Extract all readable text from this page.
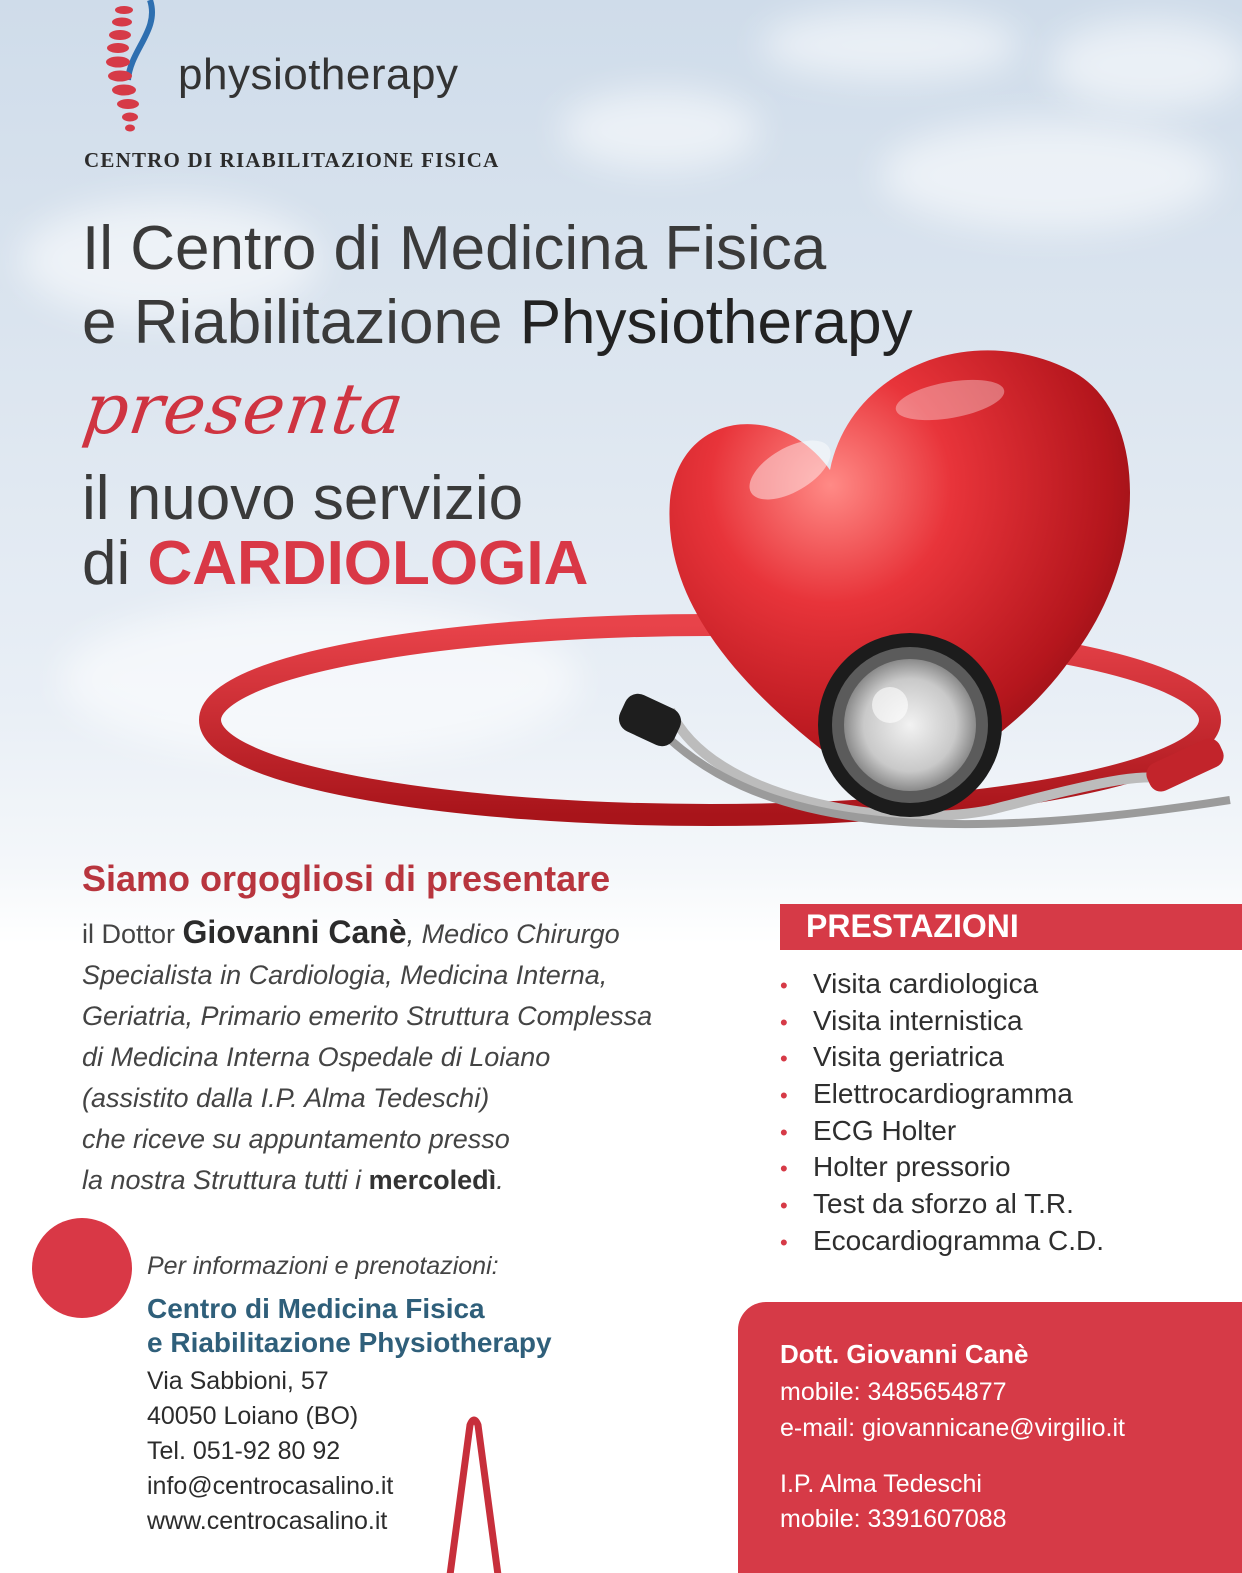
physiotherapy
CENTRO DI RIABILITAZIONE FISICA
Il Centro di Medicina Fisica
e Riabilitazione Physiotherapy
presenta
il nuovo servizio
di CARDIOLOGIA
Siamo orgogliosi di presentare
il Dottor Giovanni Canè, Medico Chirurgo
Specialista in Cardiologia, Medicina Interna,
Geriatria, Primario emerito Struttura Complessa
di Medicina Interna Ospedale di Loiano
(assistito dalla I.P. Alma Tedeschi)
che riceve su appuntamento presso
la nostra Struttura tutti i mercoledì.
PRESTAZIONI
• Visita cardiologica
• Visita internistica
• Visita geriatrica
• Elettrocardiogramma
• ECG Holter
• Holter pressorio
• Test da sforzo al T.R.
• Ecocardiogramma C.D.
Per informazioni e prenotazioni:
Centro di Medicina Fisica
e Riabilitazione Physiotherapy
Via Sabbioni, 57
40050 Loiano (BO)
Tel. 051-92 80 92
info@centrocasalino.it
www.centrocasalino.it
Dott. Giovanni Canè
mobile: 3485654877
e-mail: giovannicane@virgilio.it
I.P. Alma Tedeschi
mobile: 3391607088
